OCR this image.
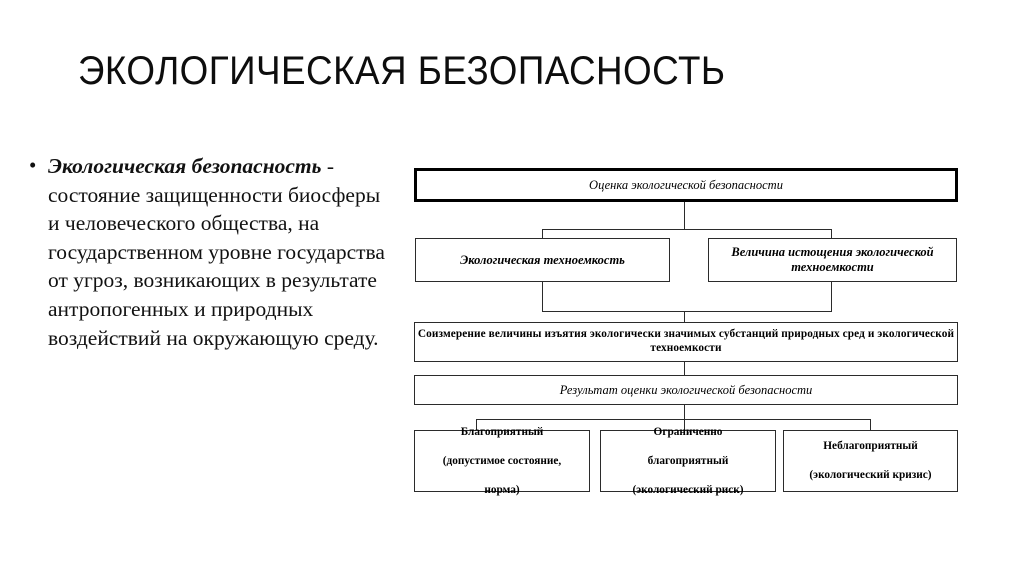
ЭКОЛОГИЧЕСКАЯ БЕЗОПАСНОСТЬ
• Экологическая безопасность - состояние защищенности биосферы и человеческого общества, на государственном уровне государства от угроз, возникающих в результате антропогенных и природных воздействий на окружающую среду.
Оценка экологической безопасности
Экологическая техноемкость
Величина истощения экологической техноемкости
Соизмерение величины изъятия экологически значимых субстанций природных сред и экологической техноемкости
Результат оценки экологической безопасности
Благоприятный

(допустимое состояние,

норма)
Ограниченно

благоприятный

(экологический риск)
Неблагоприятный

(экологический кризис)
